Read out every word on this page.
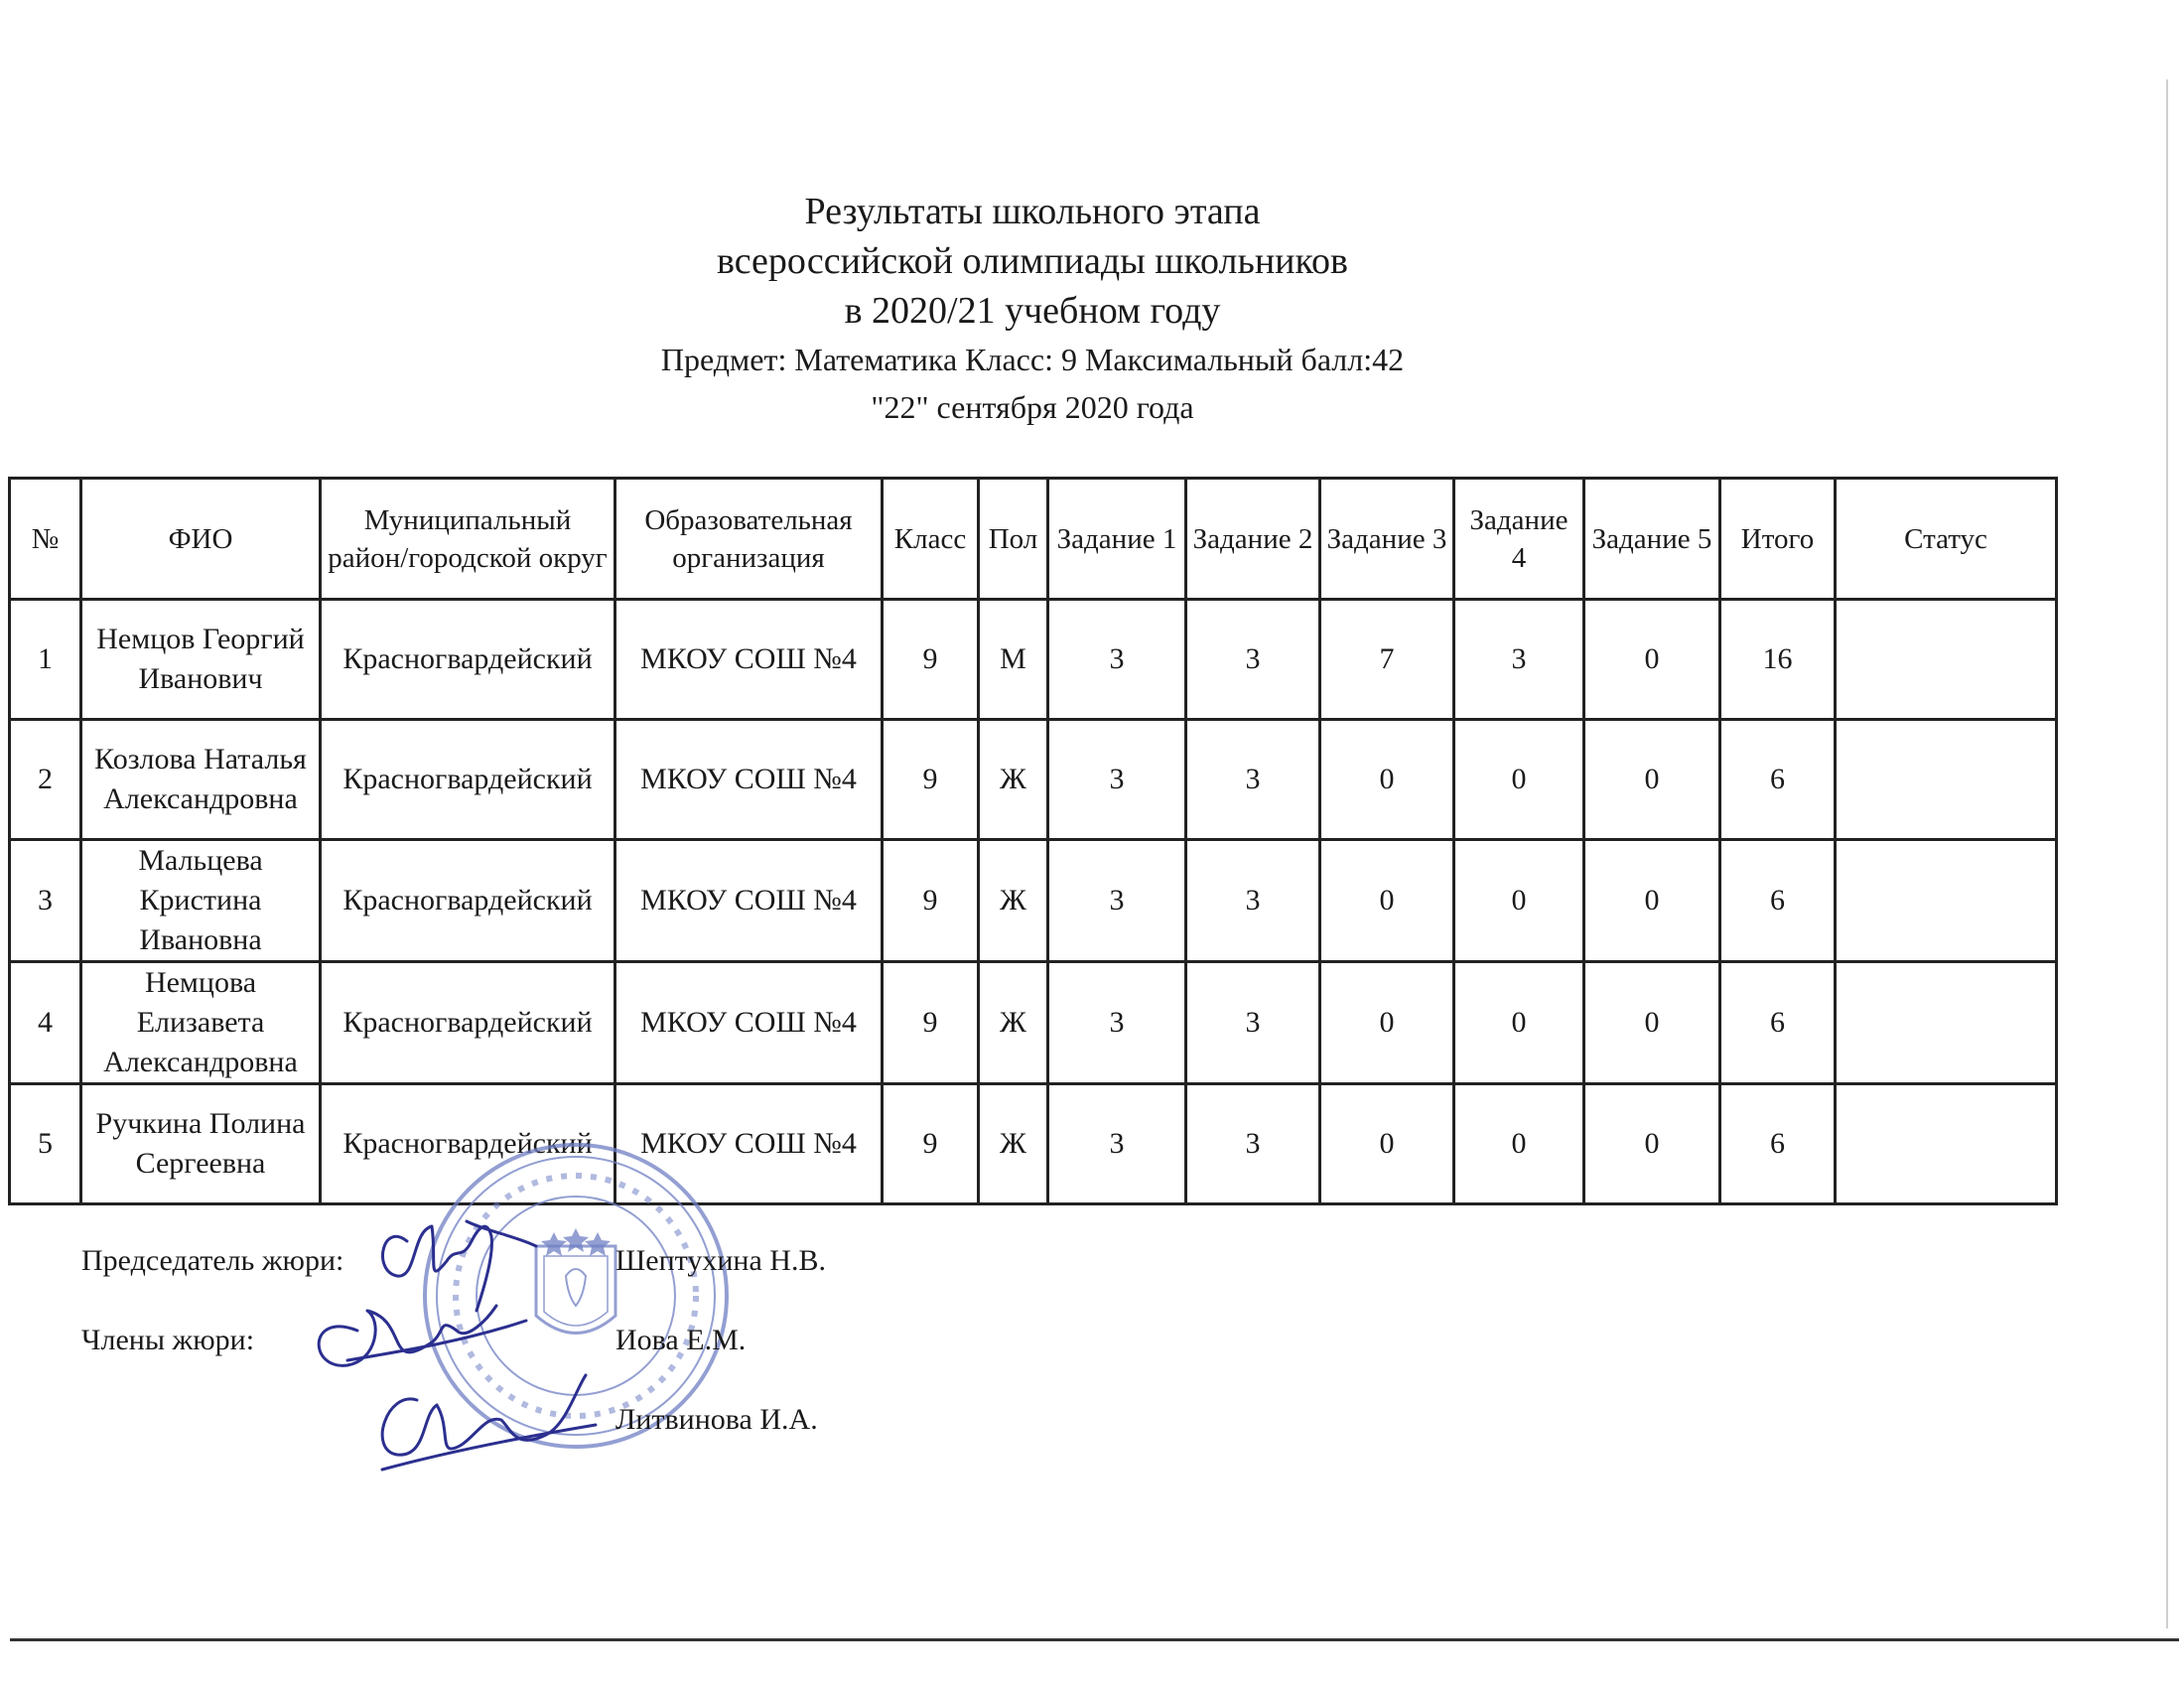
Результаты школьного этапа
всероссийской олимпиады школьников
в 2020/21 учебном году
Предмет: Математика Класс: 9 Максимальный балл:42
"22" сентября 2020 года
№	ФИО	Муниципальный район/городской округ	Образовательная организация	Класс	Пол	Задание 1	Задание 2	Задание 3	Задание 4	Задание 5	Итого	Статус
1	Немцов Георгий Иванович	Красногвардейский	МКОУ СОШ №4	9	М	3	3	7	3	0	16	
2	Козлова Наталья Александровна	Красногвардейский	МКОУ СОШ №4	9	Ж	3	3	0	0	0	6	
3	Мальцева Кристина Ивановна	Красногвардейский	МКОУ СОШ №4	9	Ж	3	3	0	0	0	6	
4	Немцова Елизавета Александровна	Красногвардейский	МКОУ СОШ №4	9	Ж	3	3	0	0	0	6	
5	Ручкина Полина Сергеевна	Красногвардейский	МКОУ СОШ №4	9	Ж	3	3	0	0	0	6	
Председатель жюри:	Шептухина Н.В.
Члены жюри:	Иова Е.М.
Литвинова И.А.
